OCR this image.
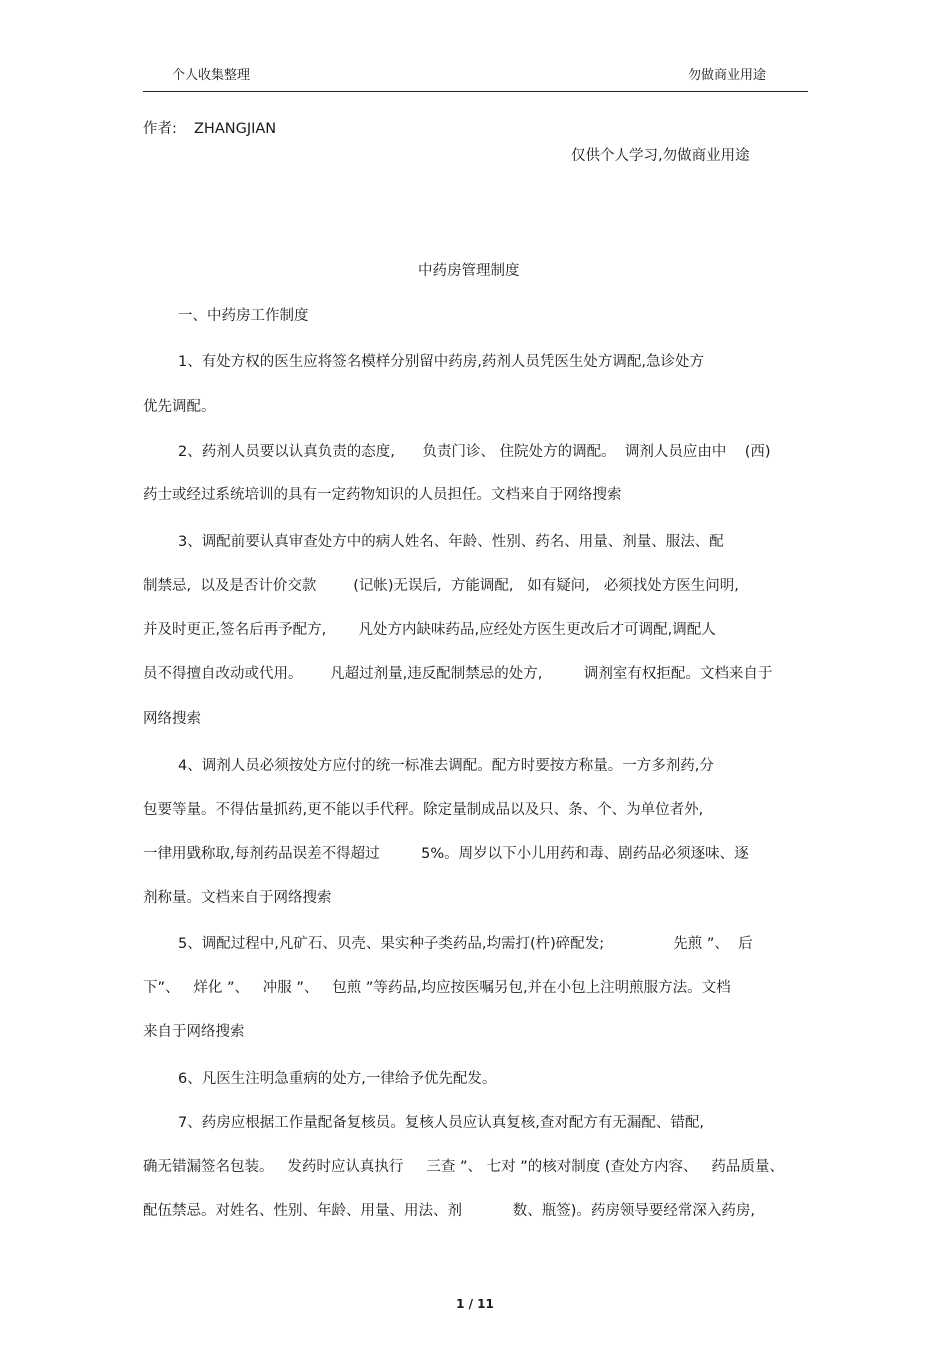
个人收集整理	勿做商业用途
作者: ZHANGJIAN
仅供个人学习,勿做商业用途
中药房管理制度
一、中药房工作制度
1、有处方权的医生应将签名模样分别留中药房,药剂人员凭医生处方调配,急诊处方
优先调配。
2、药剂人员要以认真负责的态度,      负责门诊、 住院处方的调配。  调剂人员应由中    (西)
药士或经过系统培训的具有一定药物知识的人员担任。文档来自于网络搜索
3、调配前要认真审查处方中的病人姓名、年龄、性别、药名、用量、剂量、服法、配
制禁忌,  以及是否计价交款        (记帐)无误后,  方能调配,   如有疑问,   必须找处方医生问明,
并及时更正,签名后再予配方,       凡处方内缺味药品,应经处方医生更改后才可调配,调配人
员不得擅自改动或代用。      凡超过剂量,违反配制禁忌的处方,         调剂室有权拒配。文档来自于
网络搜索
4、调剂人员必须按处方应付的统一标准去调配。配方时要按方称量。一方多剂药,分
包要等量。不得估量抓药,更不能以手代秤。除定量制成品以及只、条、个、为单位者外,
一律用戥称取,每剂药品误差不得超过         5%。周岁以下小儿用药和毒、剧药品必须逐味、逐
剂称量。文档来自于网络搜索
5、调配过程中,凡矿石、贝壳、果实种子类药品,均需打(杵)碎配发;               先煎 ”、  后
下”、   烊化 ”、   冲服 ”、   包煎 ”等药品,均应按医嘱另包,并在小包上注明煎服方法。文档
来自于网络搜索
6、凡医生注明急重病的处方,一律给予优先配发。
7、药房应根据工作量配备复核员。复核人员应认真复核,查对配方有无漏配、错配,
确无错漏签名包装。   发药时应认真执行     三查 ”、 七对 ”的核对制度 (查处方内容、   药品质量、
配伍禁忌。对姓名、性别、年龄、用量、用法、剂           数、瓶签)。药房领导要经常深入药房,
1 / 11
